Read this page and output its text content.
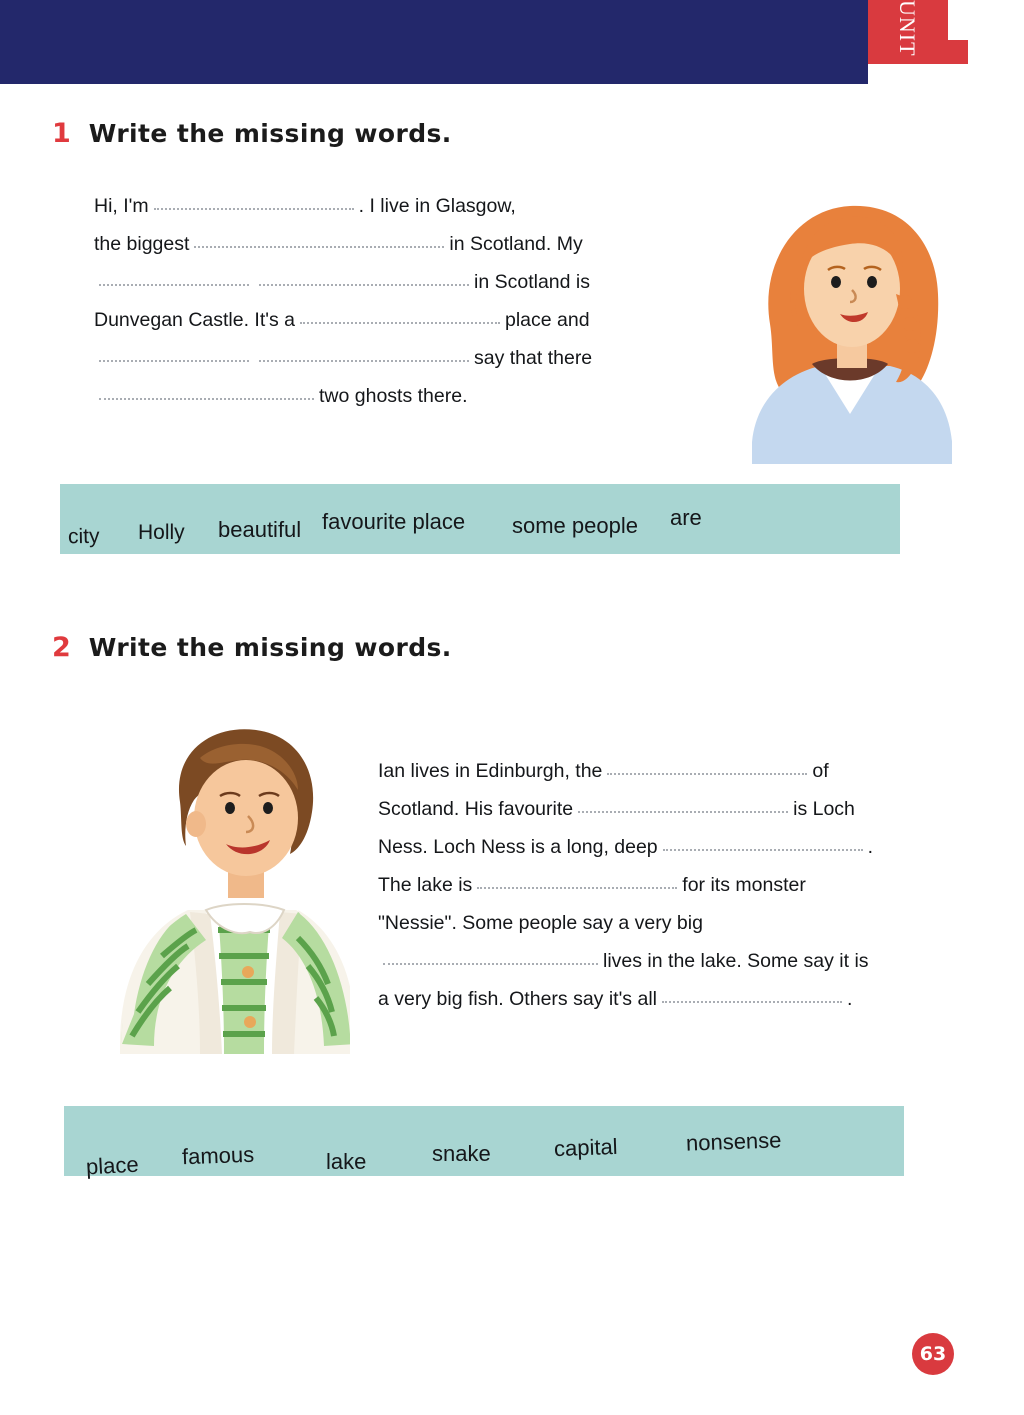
UNIT
1 Write the missing words.
Hi, I'm	. I live in Glasgow,
the biggest	in Scotland. My
in Scotland is
Dunvegan Castle. It's a	place and
say that there
two ghosts there.
city Holly beautiful favourite place some people are
2 Write the missing words.
Ian lives in Edinburgh, the	of
Scotland. His favourite	is Loch
Ness. Loch Ness is a long, deep	.
The lake is	for its monster
"Nessie". Some people say a very big
lives in the lake. Some say it is
a very big fish. Others say it's all	.
place famous	lake	snake	capital	nonsense
63
